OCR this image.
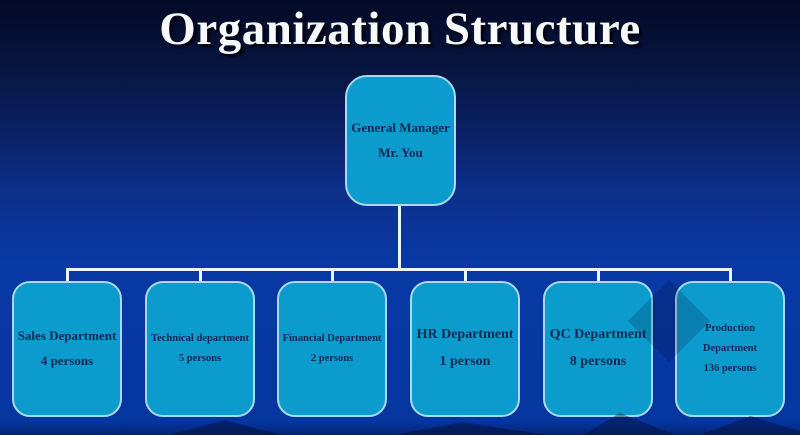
Organization Structure
General Manager
Mr. You
Sales Department
4 persons
Technical department
5 persons
Financial Department
2 persons
HR Department
1 person
QC Department
8 persons
Production Department
136 persons
